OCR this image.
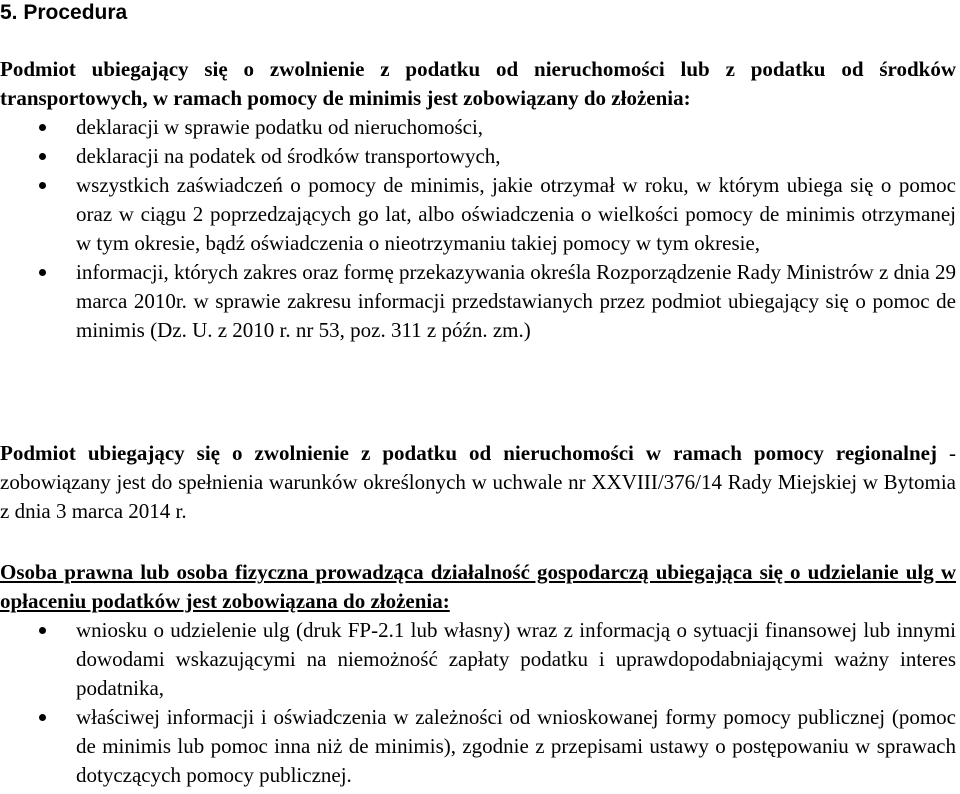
5. Procedura

Podmiot ubiegający się o zwolnienie z podatku od nieruchomości lub z podatku od środków transportowych, w ramach pomocy de minimis jest zobowiązany do złożenia:

deklaracji w sprawie podatku od nieruchomości,
deklaracji na podatek od środków transportowych,
wszystkich zaświadczeń o pomocy de minimis, jakie otrzymał w roku, w którym ubiega się o pomoc oraz w ciągu 2 poprzedzających go lat, albo oświadczenia o wielkości pomocy de minimis otrzymanej w tym okresie, bądź oświadczenia o nieotrzymaniu takiej pomocy w tym okresie,
informacji, których zakres oraz formę przekazywania określa Rozporządzenie Rady Ministrów z dnia 29 marca 2010r. w sprawie zakresu informacji przedstawianych przez podmiot ubiegający się o pomoc de minimis (Dz. U. z 2010 r. nr 53, poz. 311 z późn. zm.)

Podmiot ubiegający się o zwolnienie z podatku od nieruchomości w ramach pomocy regionalnej - zobowiązany jest do spełnienia warunków określonych w uchwale nr XXVIII/376/14 Rady Miejskiej w Bytomia z dnia 3 marca 2014 r.

Osoba prawna lub osoba fizyczna prowadząca działalność gospodarczą ubiegająca się o udzielanie ulg w opłaceniu podatków jest zobowiązana do złożenia:

wniosku o udzielenie ulg (druk FP-2.1 lub własny) wraz z informacją o sytuacji finansowej lub innymi dowodami wskazującymi na niemożność zapłaty podatku i uprawdopodabniającymi ważny interes podatnika,
właściwej informacji i oświadczenia w zależności od wnioskowanej formy pomocy publicznej (pomoc de minimis lub pomoc inna niż de minimis), zgodnie z przepisami ustawy o postępowaniu w sprawach dotyczących pomocy publicznej.
